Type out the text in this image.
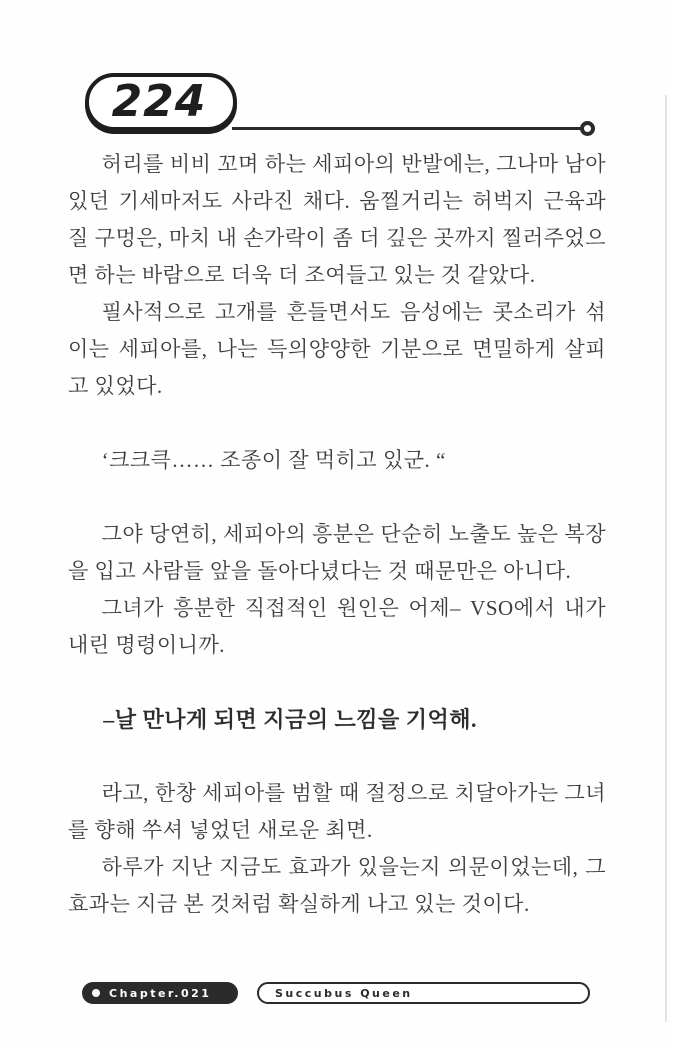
224

허리를 비비 꼬며 하는 세피아의 반발에는, 그나마 남아 있던 기세마저도 사라진 채다. 움찔거리는 허벅지 근육과 질 구멍은, 마치 내 손가락이 좀 더 깊은 곳까지 찔러주었으면 하는 바람으로 더욱 더 조여들고 있는 것 같았다.

필사적으로 고개를 흔들면서도 음성에는 콧소리가 섞이는 세피아를, 나는 득의양양한 기분으로 면밀하게 살피고 있었다.

‘크크큭…… 조종이 잘 먹히고 있군. “

그야 당연히, 세피아의 흥분은 단순히 노출도 높은 복장을 입고 사람들 앞을 돌아다녔다는 것 때문만은 아니다.

그녀가 흥분한 직접적인 원인은 어제– VSO에서 내가 내린 명령이니까.

–날 만나게 되면 지금의 느낌을 기억해.

라고, 한창 세피아를 범할 때 절정으로 치달아가는 그녀를 향해 쑤셔 넣었던 새로운 최면.

하루가 지난 지금도 효과가 있을는지 의문이었는데, 그 효과는 지금 본 것처럼 확실하게 나고 있는 것이다.

Chapter.021	Succubus Queen
